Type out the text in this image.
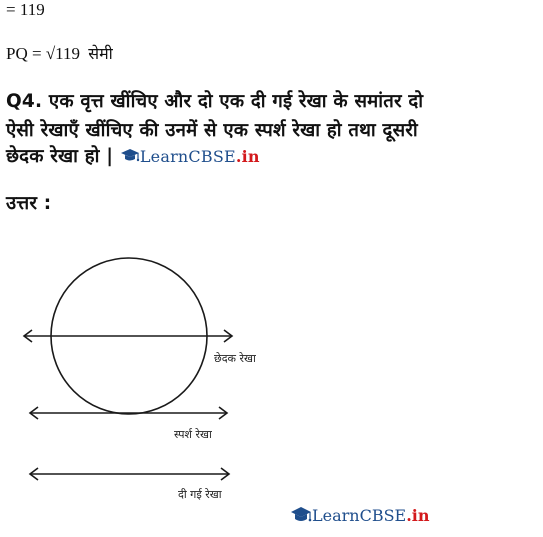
= 119
PQ = √119 सेमी
Q4. एक वृत्त खींचिए और दो एक दी गई रेखा के समांतर दो
ऐसी रेखाएँ खींचिए की उनमें से एक स्पर्श रेखा हो तथा दूसरी
छेदक रेखा हो | LearnCBSE .in
उत्तर :
छेदक रेखा
स्पर्श रेखा
दी गई रेखा
LearnCBSE .in
